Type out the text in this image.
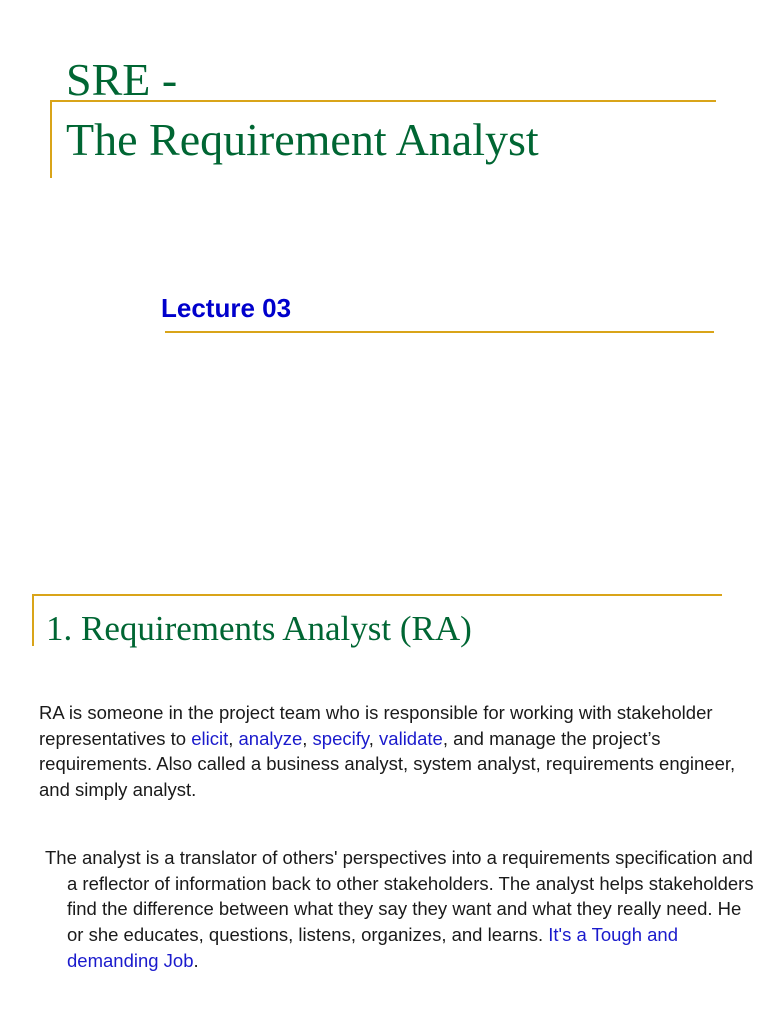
SRE -
The Requirement Analyst
Lecture 03
1. Requirements Analyst (RA)

RA is someone in the project team who is responsible for working with stakeholder representatives to elicit, analyze, specify, validate, and manage the project’s requirements. Also called a business analyst, system analyst, requirements engineer, and simply analyst.

The analyst is a translator of others' perspectives into a requirements specification and a reflector of information back to other stakeholders. The analyst helps stakeholders find the difference between what they say they want and what they really need. He or she educates, questions, listens, organizes, and learns. It's a Tough and demanding Job.
